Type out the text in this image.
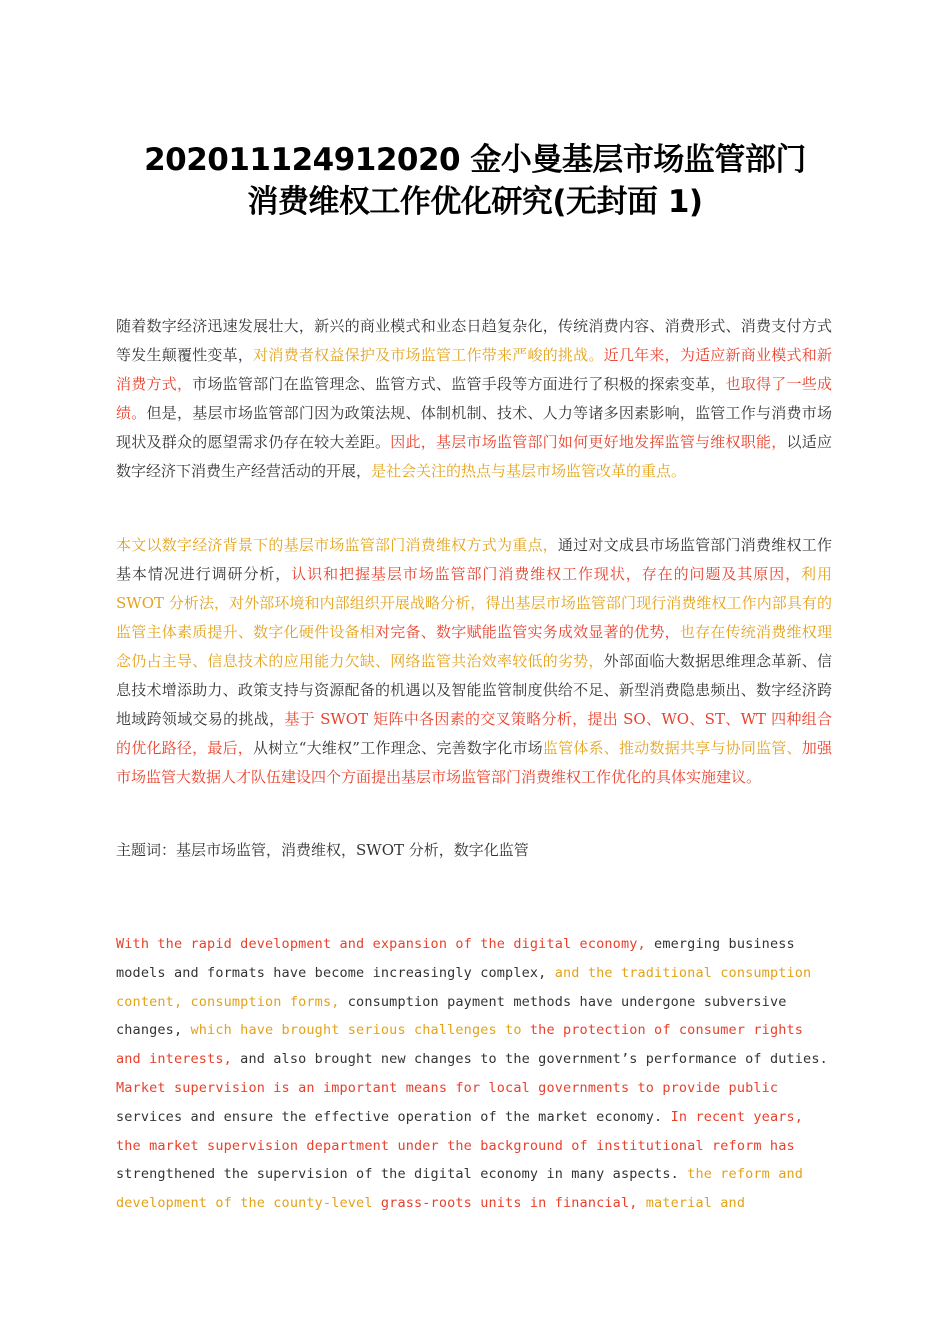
202011124912020 金小曼基层市场监管部门
消费维权工作优化研究(无封面 1)

随着数字经济迅速发展壮大，新兴的商业模式和业态日趋复杂化，传统消费内容、消费形式、消费支付方式等发生颠覆性变革，对消费者权益保护及市场监管工作带来严峻的挑战。近几年来，为适应新商业模式和新消费方式，市场监管部门在监管理念、监管方式、监管手段等方面进行了积极的探索变革，也取得了一些成绩。但是，基层市场监管部门因为政策法规、体制机制、技术、人力等诸多因素影响，监管工作与消费市场现状及群众的愿望需求仍存在较大差距。因此，基层市场监管部门如何更好地发挥监管与维权职能，以适应数字经济下消费生产经营活动的开展，是社会关注的热点与基层市场监管改革的重点。

本文以数字经济背景下的基层市场监管部门消费维权方式为重点，通过对文成县市场监管部门消费维权工作基本情况进行调研分析，认识和把握基层市场监管部门消费维权工作现状，存在的问题及其原因，利用 SWOT 分析法，对外部环境和内部组织开展战略分析，得出基层市场监管部门现行消费维权工作内部具有的监管主体素质提升、数字化硬件设备相对完备、数字赋能监管实务成效显著的优势，也存在传统消费维权理念仍占主导、信息技术的应用能力欠缺、网络监管共治效率较低的劣势，外部面临大数据思维理念革新、信息技术增添助力、政策支持与资源配备的机遇以及智能监管制度供给不足、新型消费隐患频出、数字经济跨地域跨领域交易的挑战，基于 SWOT 矩阵中各因素的交叉策略分析，提出 SO、WO、ST、WT 四种组合的优化路径，最后，从树立“大维权”工作理念、完善数字化市场监管体系、推动数据共享与协同监管、加强市场监管大数据人才队伍建设四个方面提出基层市场监管部门消费维权工作优化的具体实施建议。

主题词：基层市场监管，消费维权，SWOT 分析，数字化监管

With the rapid development and expansion of the digital economy, emerging business models and formats have become increasingly complex, and the traditional consumption content, consumption forms, consumption payment methods have undergone subversive changes, which have brought serious challenges to the protection of consumer rights and interests, and also brought new changes to the government’s performance of duties. Market supervision is an important means for local governments to provide public services and ensure the effective operation of the market economy. In recent years, the market supervision department under the background of institutional reform has strengthened the supervision of the digital economy in many aspects. the reform and development of the county-level grass-roots units in financial, material and
